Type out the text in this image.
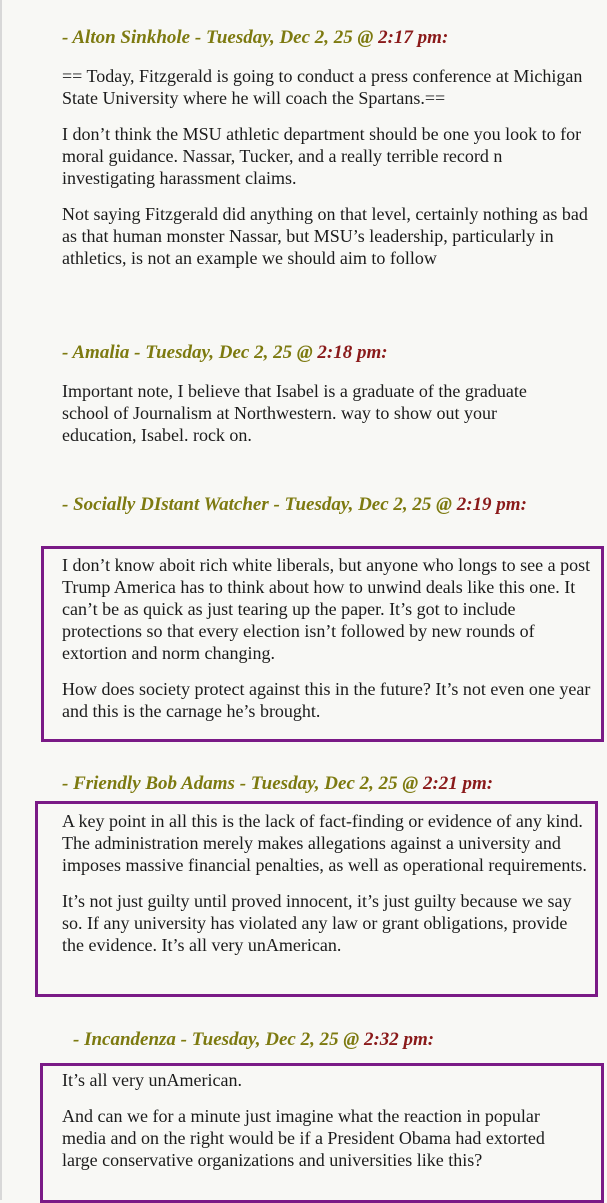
- Alton Sinkhole - Tuesday, Dec 2, 25 @ 2:17 pm:

== Today, Fitzgerald is going to conduct a press conference at Michigan State University where he will coach the Spartans.==

I don’t think the MSU athletic department should be one you look to for moral guidance. Nassar, Tucker, and a really terrible record n investigating harassment claims.

Not saying Fitzgerald did anything on that level, certainly nothing as bad as that human monster Nassar, but MSU’s leadership, particularly in athletics, is not an example we should aim to follow

- Amalia - Tuesday, Dec 2, 25 @ 2:18 pm:

Important note, I believe that Isabel is a graduate of the graduate school of Journalism at Northwestern. way to show out your education, Isabel. rock on.

- Socially DIstant Watcher - Tuesday, Dec 2, 25 @ 2:19 pm:

I don’t know aboit rich white liberals, but anyone who longs to see a post Trump America has to think about how to unwind deals like this one. It can’t be as quick as just tearing up the paper. It’s got to include protections so that every election isn’t followed by new rounds of extortion and norm changing.

How does society protect against this in the future? It’s not even one year and this is the carnage he’s brought.

- Friendly Bob Adams - Tuesday, Dec 2, 25 @ 2:21 pm:

A key point in all this is the lack of fact-finding or evidence of any kind. The administration merely makes allegations against a university and imposes massive financial penalties, as well as operational requirements.

It’s not just guilty until proved innocent, it’s just guilty because we say so. If any university has violated any law or grant obligations, provide the evidence. It’s all very unAmerican.

- Incandenza - Tuesday, Dec 2, 25 @ 2:32 pm:

It’s all very unAmerican.

And can we for a minute just imagine what the reaction in popular media and on the right would be if a President Obama had extorted large conservative organizations and universities like this?
